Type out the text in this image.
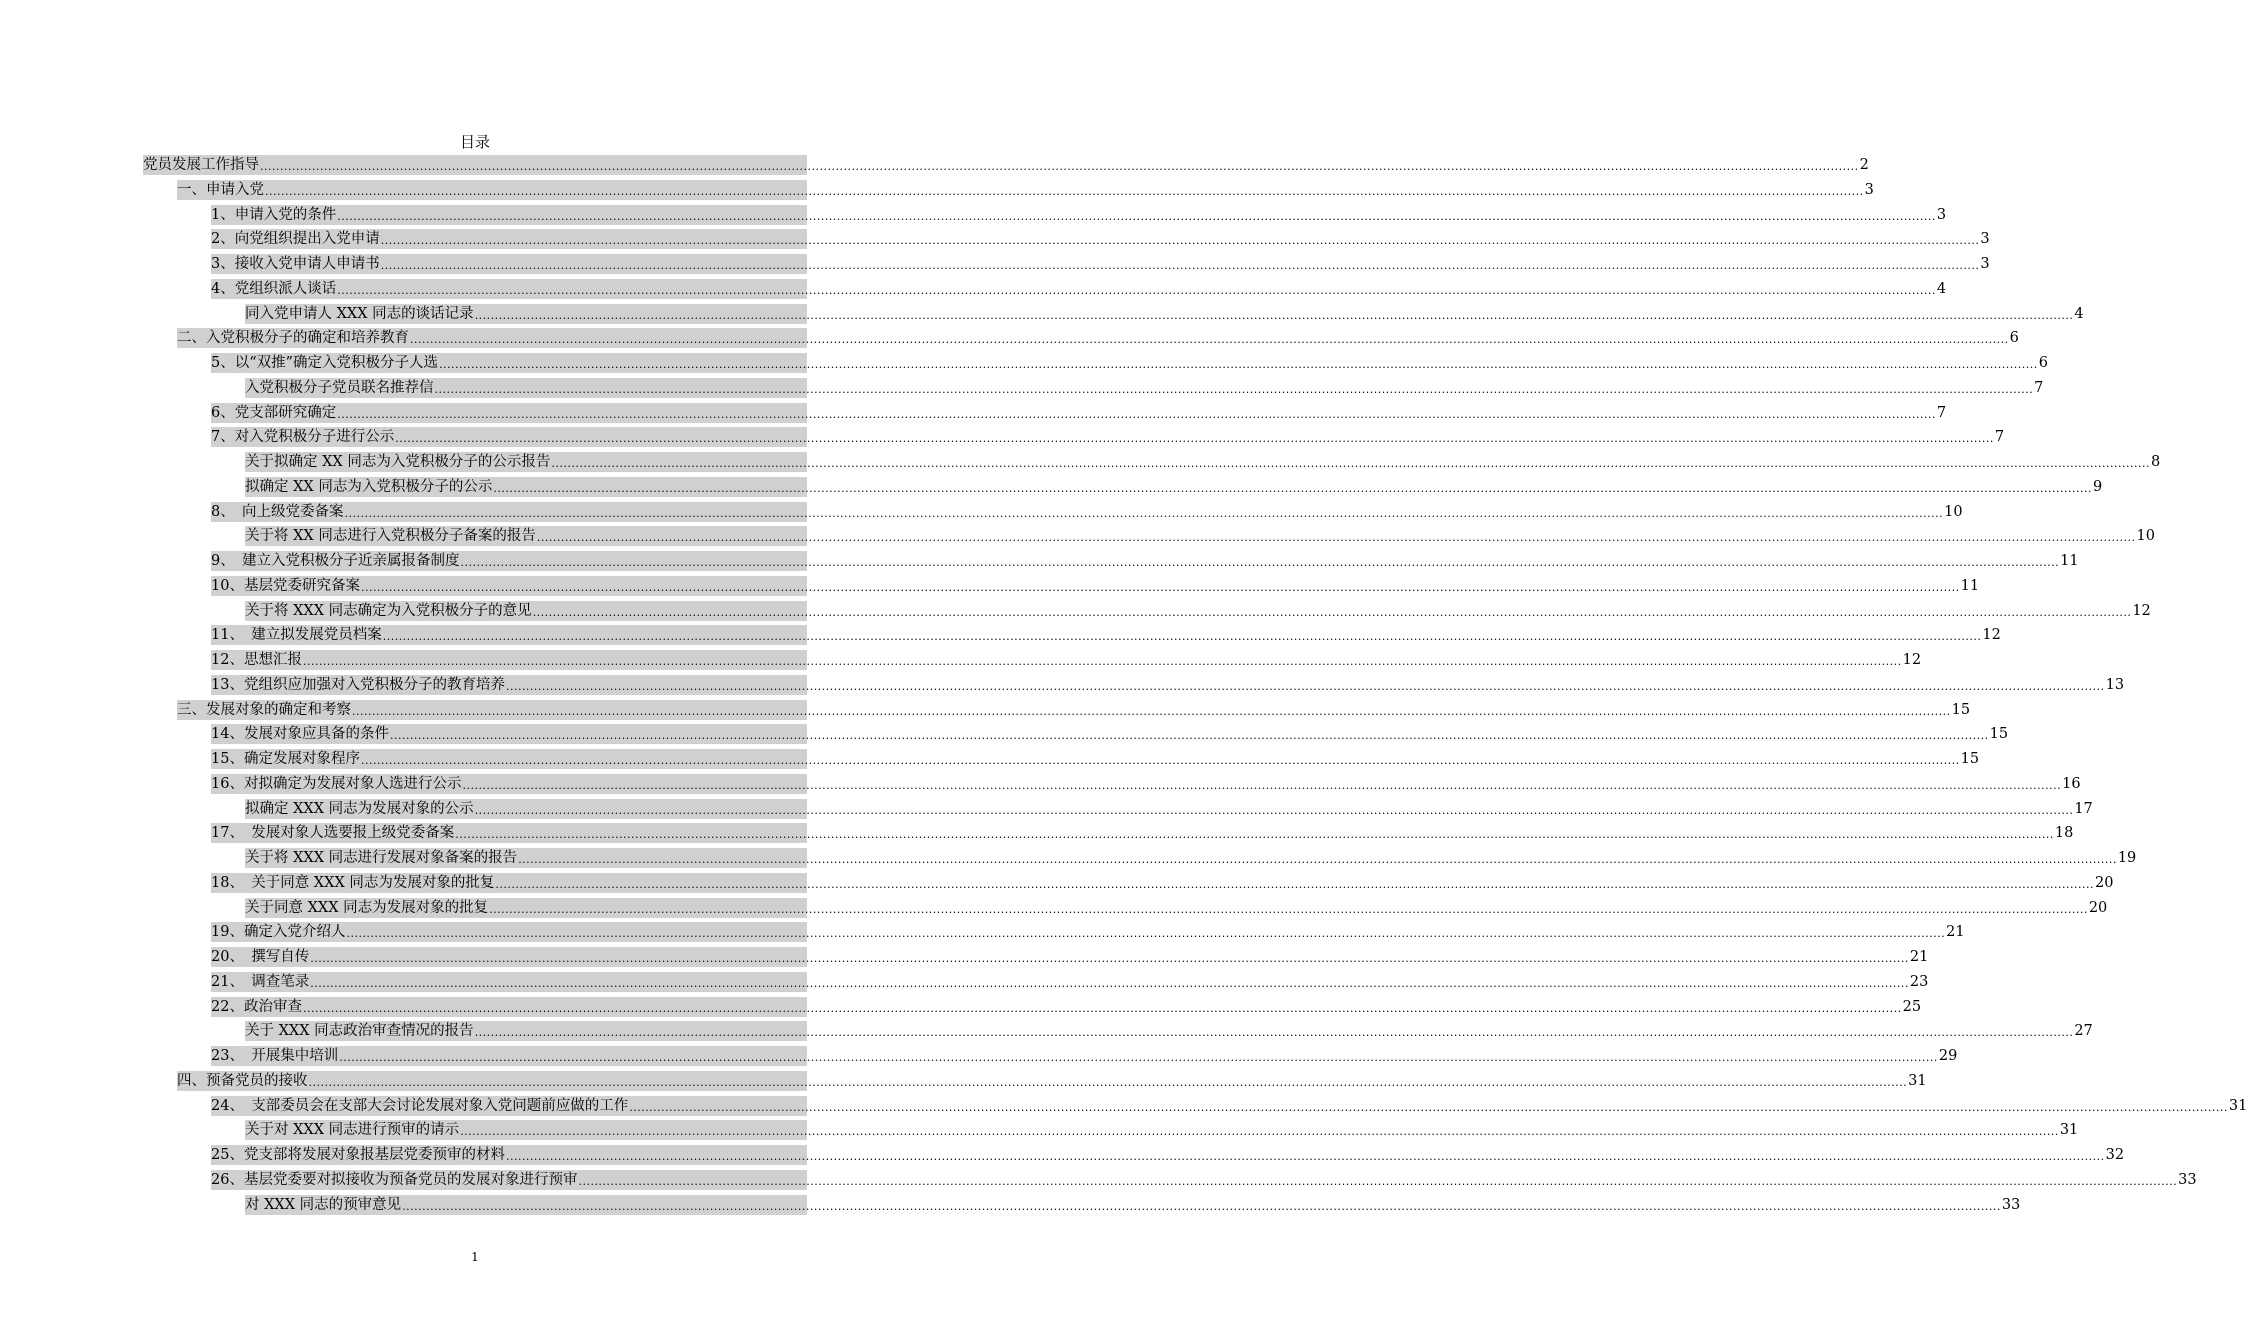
目录
党员发展工作指导 ................................................................................................................................................................................................................................................................................................................................................................................................................ 2
一、申请入党 ................................................................................................................................................................................................................................................................................................................................................................................................................ 3
1、申请入党的条件 ................................................................................................................................................................................................................................................................................................................................................................................................................ 3
2、向党组织提出入党申请 ................................................................................................................................................................................................................................................................................................................................................................................................................ 3
3、接收入党申请人申请书 ................................................................................................................................................................................................................................................................................................................................................................................................................ 3
4、党组织派人谈话 ................................................................................................................................................................................................................................................................................................................................................................................................................ 4
同入党申请人 XXX 同志的谈话记录 ................................................................................................................................................................................................................................................................................................................................................................................................................ 4
二、入党积极分子的确定和培养教育 ................................................................................................................................................................................................................................................................................................................................................................................................................ 6
5、以“双推”确定入党积极分子人选 ................................................................................................................................................................................................................................................................................................................................................................................................................ 6
入党积极分子党员联名推荐信 ................................................................................................................................................................................................................................................................................................................................................................................................................ 7
6、党支部研究确定 ................................................................................................................................................................................................................................................................................................................................................................................................................ 7
7、对入党积极分子进行公示 ................................................................................................................................................................................................................................................................................................................................................................................................................ 7
关于拟确定 XX 同志为入党积极分子的公示报告 ................................................................................................................................................................................................................................................................................................................................................................................................................ 8
拟确定 XX 同志为入党积极分子的公示 ................................................................................................................................................................................................................................................................................................................................................................................................................ 9
8、　向上级党委备案 ................................................................................................................................................................................................................................................................................................................................................................................................................ 10
关于将 XX 同志进行入党积极分子备案的报告 ................................................................................................................................................................................................................................................................................................................................................................................................................ 10
9、　建立入党积极分子近亲属报备制度 ................................................................................................................................................................................................................................................................................................................................................................................................................ 11
10、基层党委研究备案 ................................................................................................................................................................................................................................................................................................................................................................................................................ 11
关于将 XXX 同志确定为入党积极分子的意见 ................................................................................................................................................................................................................................................................................................................................................................................................................ 12
11、　建立拟发展党员档案 ................................................................................................................................................................................................................................................................................................................................................................................................................ 12
12、思想汇报 ................................................................................................................................................................................................................................................................................................................................................................................................................ 12
13、党组织应加强对入党积极分子的教育培养 ................................................................................................................................................................................................................................................................................................................................................................................................................ 13
三、发展对象的确定和考察 ................................................................................................................................................................................................................................................................................................................................................................................................................ 15
14、发展对象应具备的条件 ................................................................................................................................................................................................................................................................................................................................................................................................................ 15
15、确定发展对象程序 ................................................................................................................................................................................................................................................................................................................................................................................................................ 15
16、对拟确定为发展对象人选进行公示 ................................................................................................................................................................................................................................................................................................................................................................................................................ 16
拟确定 XXX 同志为发展对象的公示 ................................................................................................................................................................................................................................................................................................................................................................................................................ 17
17、　发展对象人选要报上级党委备案 ................................................................................................................................................................................................................................................................................................................................................................................................................ 18
关于将 XXX 同志进行发展对象备案的报告 ................................................................................................................................................................................................................................................................................................................................................................................................................ 19
18、　关于同意 XXX 同志为发展对象的批复 ................................................................................................................................................................................................................................................................................................................................................................................................................ 20
关于同意 XXX 同志为发展对象的批复 ................................................................................................................................................................................................................................................................................................................................................................................................................ 20
19、确定入党介绍人 ................................................................................................................................................................................................................................................................................................................................................................................................................ 21
20、　撰写自传 ................................................................................................................................................................................................................................................................................................................................................................................................................ 21
21、　调查笔录 ................................................................................................................................................................................................................................................................................................................................................................................................................ 23
22、政治审查 ................................................................................................................................................................................................................................................................................................................................................................................................................ 25
关于 XXX 同志政治审查情况的报告 ................................................................................................................................................................................................................................................................................................................................................................................................................ 27
23、　开展集中培训 ................................................................................................................................................................................................................................................................................................................................................................................................................ 29
四、预备党员的接收 ................................................................................................................................................................................................................................................................................................................................................................................................................ 31
24、　支部委员会在支部大会讨论发展对象入党问题前应做的工作 ................................................................................................................................................................................................................................................................................................................................................................................................................ 31
关于对 XXX 同志进行预审的请示 ................................................................................................................................................................................................................................................................................................................................................................................................................ 31
25、党支部将发展对象报基层党委预审的材料 ................................................................................................................................................................................................................................................................................................................................................................................................................ 32
26、基层党委要对拟接收为预备党员的发展对象进行预审 ................................................................................................................................................................................................................................................................................................................................................................................................................ 33
对 XXX 同志的预审意见 ................................................................................................................................................................................................................................................................................................................................................................................................................ 33
1
